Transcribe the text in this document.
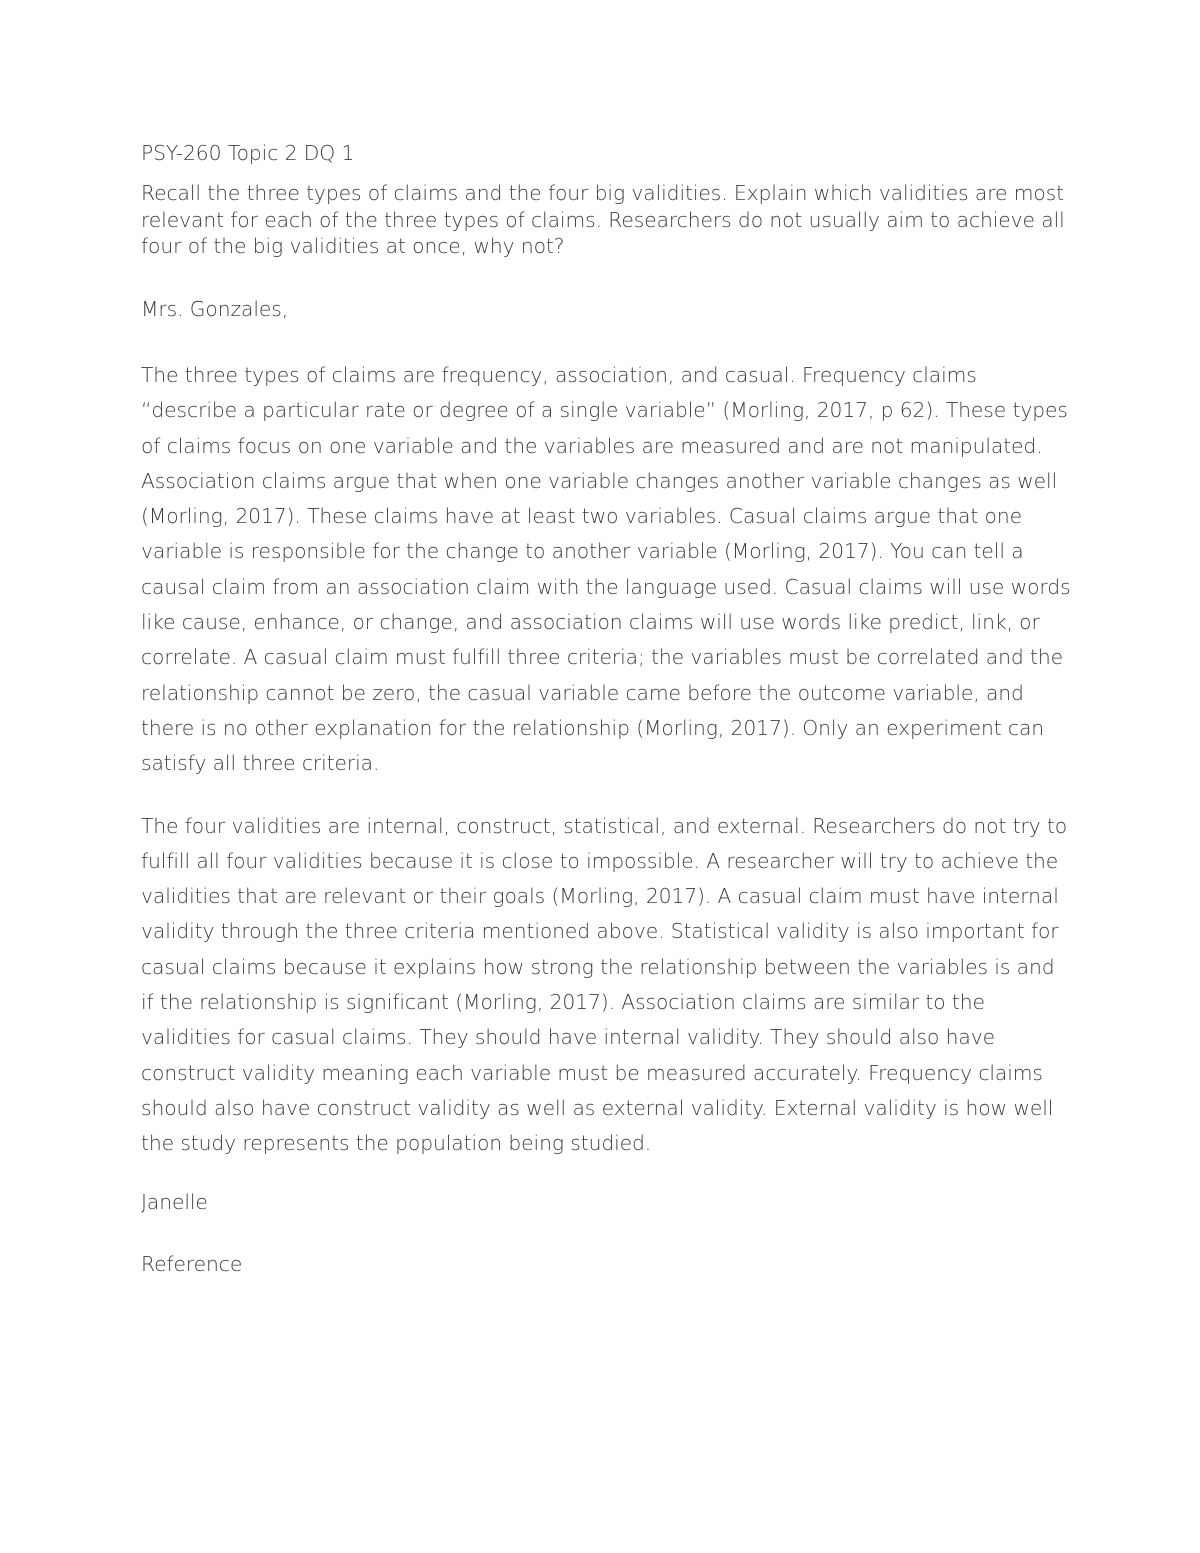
PSY-260 Topic 2 DQ 1

Recall the three types of claims and the four big validities. Explain which validities are most relevant for each of the three types of claims. Researchers do not usually aim to achieve all four of the big validities at once, why not?

Mrs. Gonzales,

The three types of claims are frequency, association, and casual. Frequency claims “describe a particular rate or degree of a single variable” (Morling, 2017, p 62). These types of claims focus on one variable and the variables are measured and are not manipulated. Association claims argue that when one variable changes another variable changes as well (Morling, 2017). These claims have at least two variables. Casual claims argue that one variable is responsible for the change to another variable (Morling, 2017). You can tell a causal claim from an association claim with the language used. Casual claims will use words like cause, enhance, or change, and association claims will use words like predict, link, or correlate. A casual claim must fulfill three criteria; the variables must be correlated and the relationship cannot be zero, the casual variable came before the outcome variable, and there is no other explanation for the relationship (Morling, 2017). Only an experiment can satisfy all three criteria.

The four validities are internal, construct, statistical, and external. Researchers do not try to fulfill all four validities because it is close to impossible. A researcher will try to achieve the validities that are relevant or their goals (Morling, 2017). A casual claim must have internal validity through the three criteria mentioned above. Statistical validity is also important for casual claims because it explains how strong the relationship between the variables is and if the relationship is significant (Morling, 2017). Association claims are similar to the validities for casual claims. They should have internal validity. They should also have construct validity meaning each variable must be measured accurately. Frequency claims should also have construct validity as well as external validity. External validity is how well the study represents the population being studied.

Janelle

Reference
